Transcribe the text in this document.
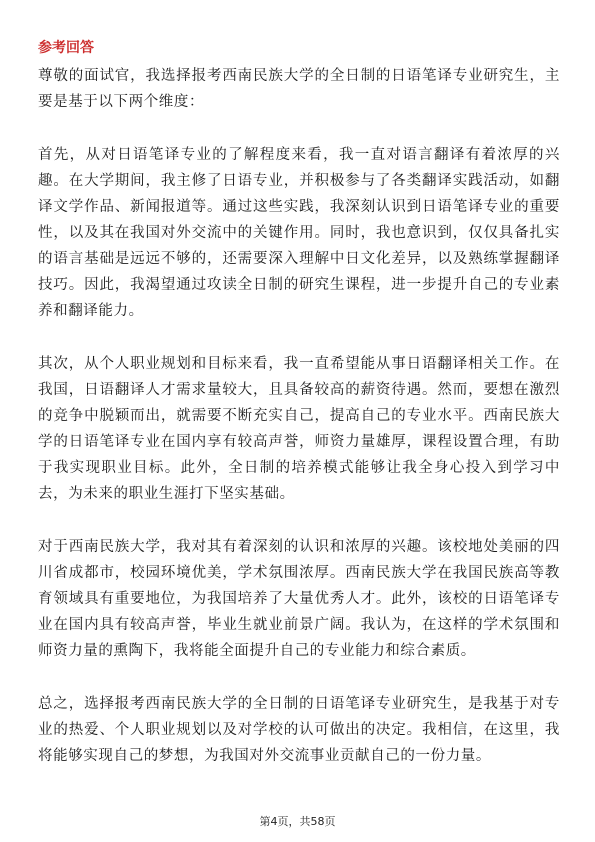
参考回答

尊敬的面试官，我选择报考西南民族大学的全日制的日语笔译专业研究生，主要是基于以下两个维度：

首先，从对日语笔译专业的了解程度来看，我一直对语言翻译有着浓厚的兴趣。在大学期间，我主修了日语专业，并积极参与了各类翻译实践活动，如翻译文学作品、新闻报道等。通过这些实践，我深刻认识到日语笔译专业的重要性，以及其在我国对外交流中的关键作用。同时，我也意识到，仅仅具备扎实的语言基础是远远不够的，还需要深入理解中日文化差异，以及熟练掌握翻译技巧。因此，我渴望通过攻读全日制的研究生课程，进一步提升自己的专业素养和翻译能力。

其次，从个人职业规划和目标来看，我一直希望能从事日语翻译相关工作。在我国，日语翻译人才需求量较大，且具备较高的薪资待遇。然而，要想在激烈的竞争中脱颖而出，就需要不断充实自己，提高自己的专业水平。西南民族大学的日语笔译专业在国内享有较高声誉，师资力量雄厚，课程设置合理，有助于我实现职业目标。此外，全日制的培养模式能够让我全身心投入到学习中去，为未来的职业生涯打下坚实基础。

对于西南民族大学，我对其有着深刻的认识和浓厚的兴趣。该校地处美丽的四川省成都市，校园环境优美，学术氛围浓厚。西南民族大学在我国民族高等教育领域具有重要地位，为我国培养了大量优秀人才。此外，该校的日语笔译专业在国内具有较高声誉，毕业生就业前景广阔。我认为，在这样的学术氛围和师资力量的熏陶下，我将能全面提升自己的专业能力和综合素质。

总之，选择报考西南民族大学的全日制的日语笔译专业研究生，是我基于对专业的热爱、个人职业规划以及对学校的认可做出的决定。我相信，在这里，我将能够实现自己的梦想，为我国对外交流事业贡献自己的一份力量。

第4页，共58页
